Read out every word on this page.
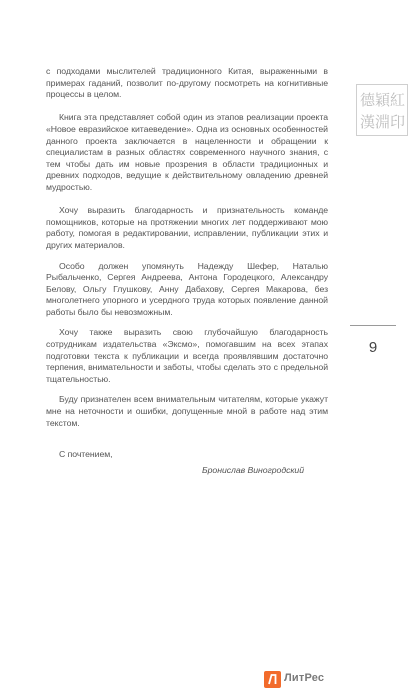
с подходами мыслителей традиционного Китая, выраженными в примерах гаданий, позволит по-другому посмотреть на когнитивные процессы в целом.

Книга эта представляет собой один из этапов реализации проекта «Новое евразийское китаеведение». Одна из основных особенностей данного проекта заключается в нацеленности и обращении к специалистам в разных областях современного научного знания, с тем чтобы дать им новые прозрения в области традиционных и древних подходов, ведущие к действительному овладению древней мудростью.

Хочу выразить благодарность и признательность команде помощников, которые на протяжении многих лет поддерживают мою работу, помогая в редактировании, исправлении, публикации этих и других материалов.

Особо должен упомянуть Надежду Шефер, Наталью Рыбальченко, Сергея Андреева, Антона Городецкого, Александру Белову, Ольгу Глушкову, Анну Дабахову, Сергея Макарова, без многолетнего упорного и усердного труда которых появление данной работы было бы невозможным.

Хочу также выразить свою глубочайшую благодарность сотрудникам издательства «Эксмо», помогавшим на всех этапах подготовки текста к публикации и всегда проявлявшим достаточно терпения, внимательности и заботы, чтобы сделать это с предельной тщательностью.

Буду признателен всем внимательным читателям, которые укажут мне на неточности и ошибки, допущенные мной в работе над этим текстом.

С почтением,

Бронислав Виногродский

德 穎 紅
漢 淵 印
9
ЛитРес
